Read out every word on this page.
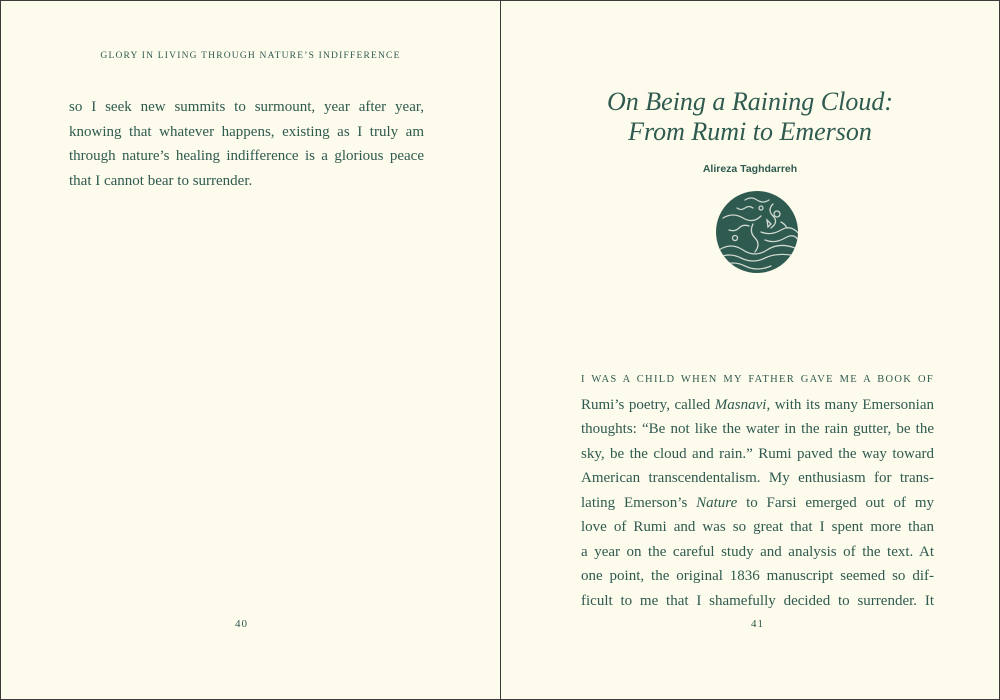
GLORY IN LIVING THROUGH NATURE’S INDIFFERENCE

so I seek new summits to surmount, year after year,
knowing that whatever happens, existing as I truly am
through nature’s healing indifference is a glorious peace
that I cannot bear to surrender.

40
On Being a Raining Cloud:
From Rumi to Emerson
Alireza Taghdarreh
I WAS A CHILD WHEN MY FATHER GAVE ME A BOOK OF
Rumi’s poetry, called Masnavi, with its many Emersonian
thoughts: “Be not like the water in the rain gutter, be the
sky, be the cloud and rain.” Rumi paved the way toward
American transcendentalism. My enthusiasm for trans-
lating Emerson’s Nature to Farsi emerged out of my
love of Rumi and was so great that I spent more than
a year on the careful study and analysis of the text. At
one point, the original 1836 manuscript seemed so dif-
ficult to me that I shamefully decided to surrender. It
41
